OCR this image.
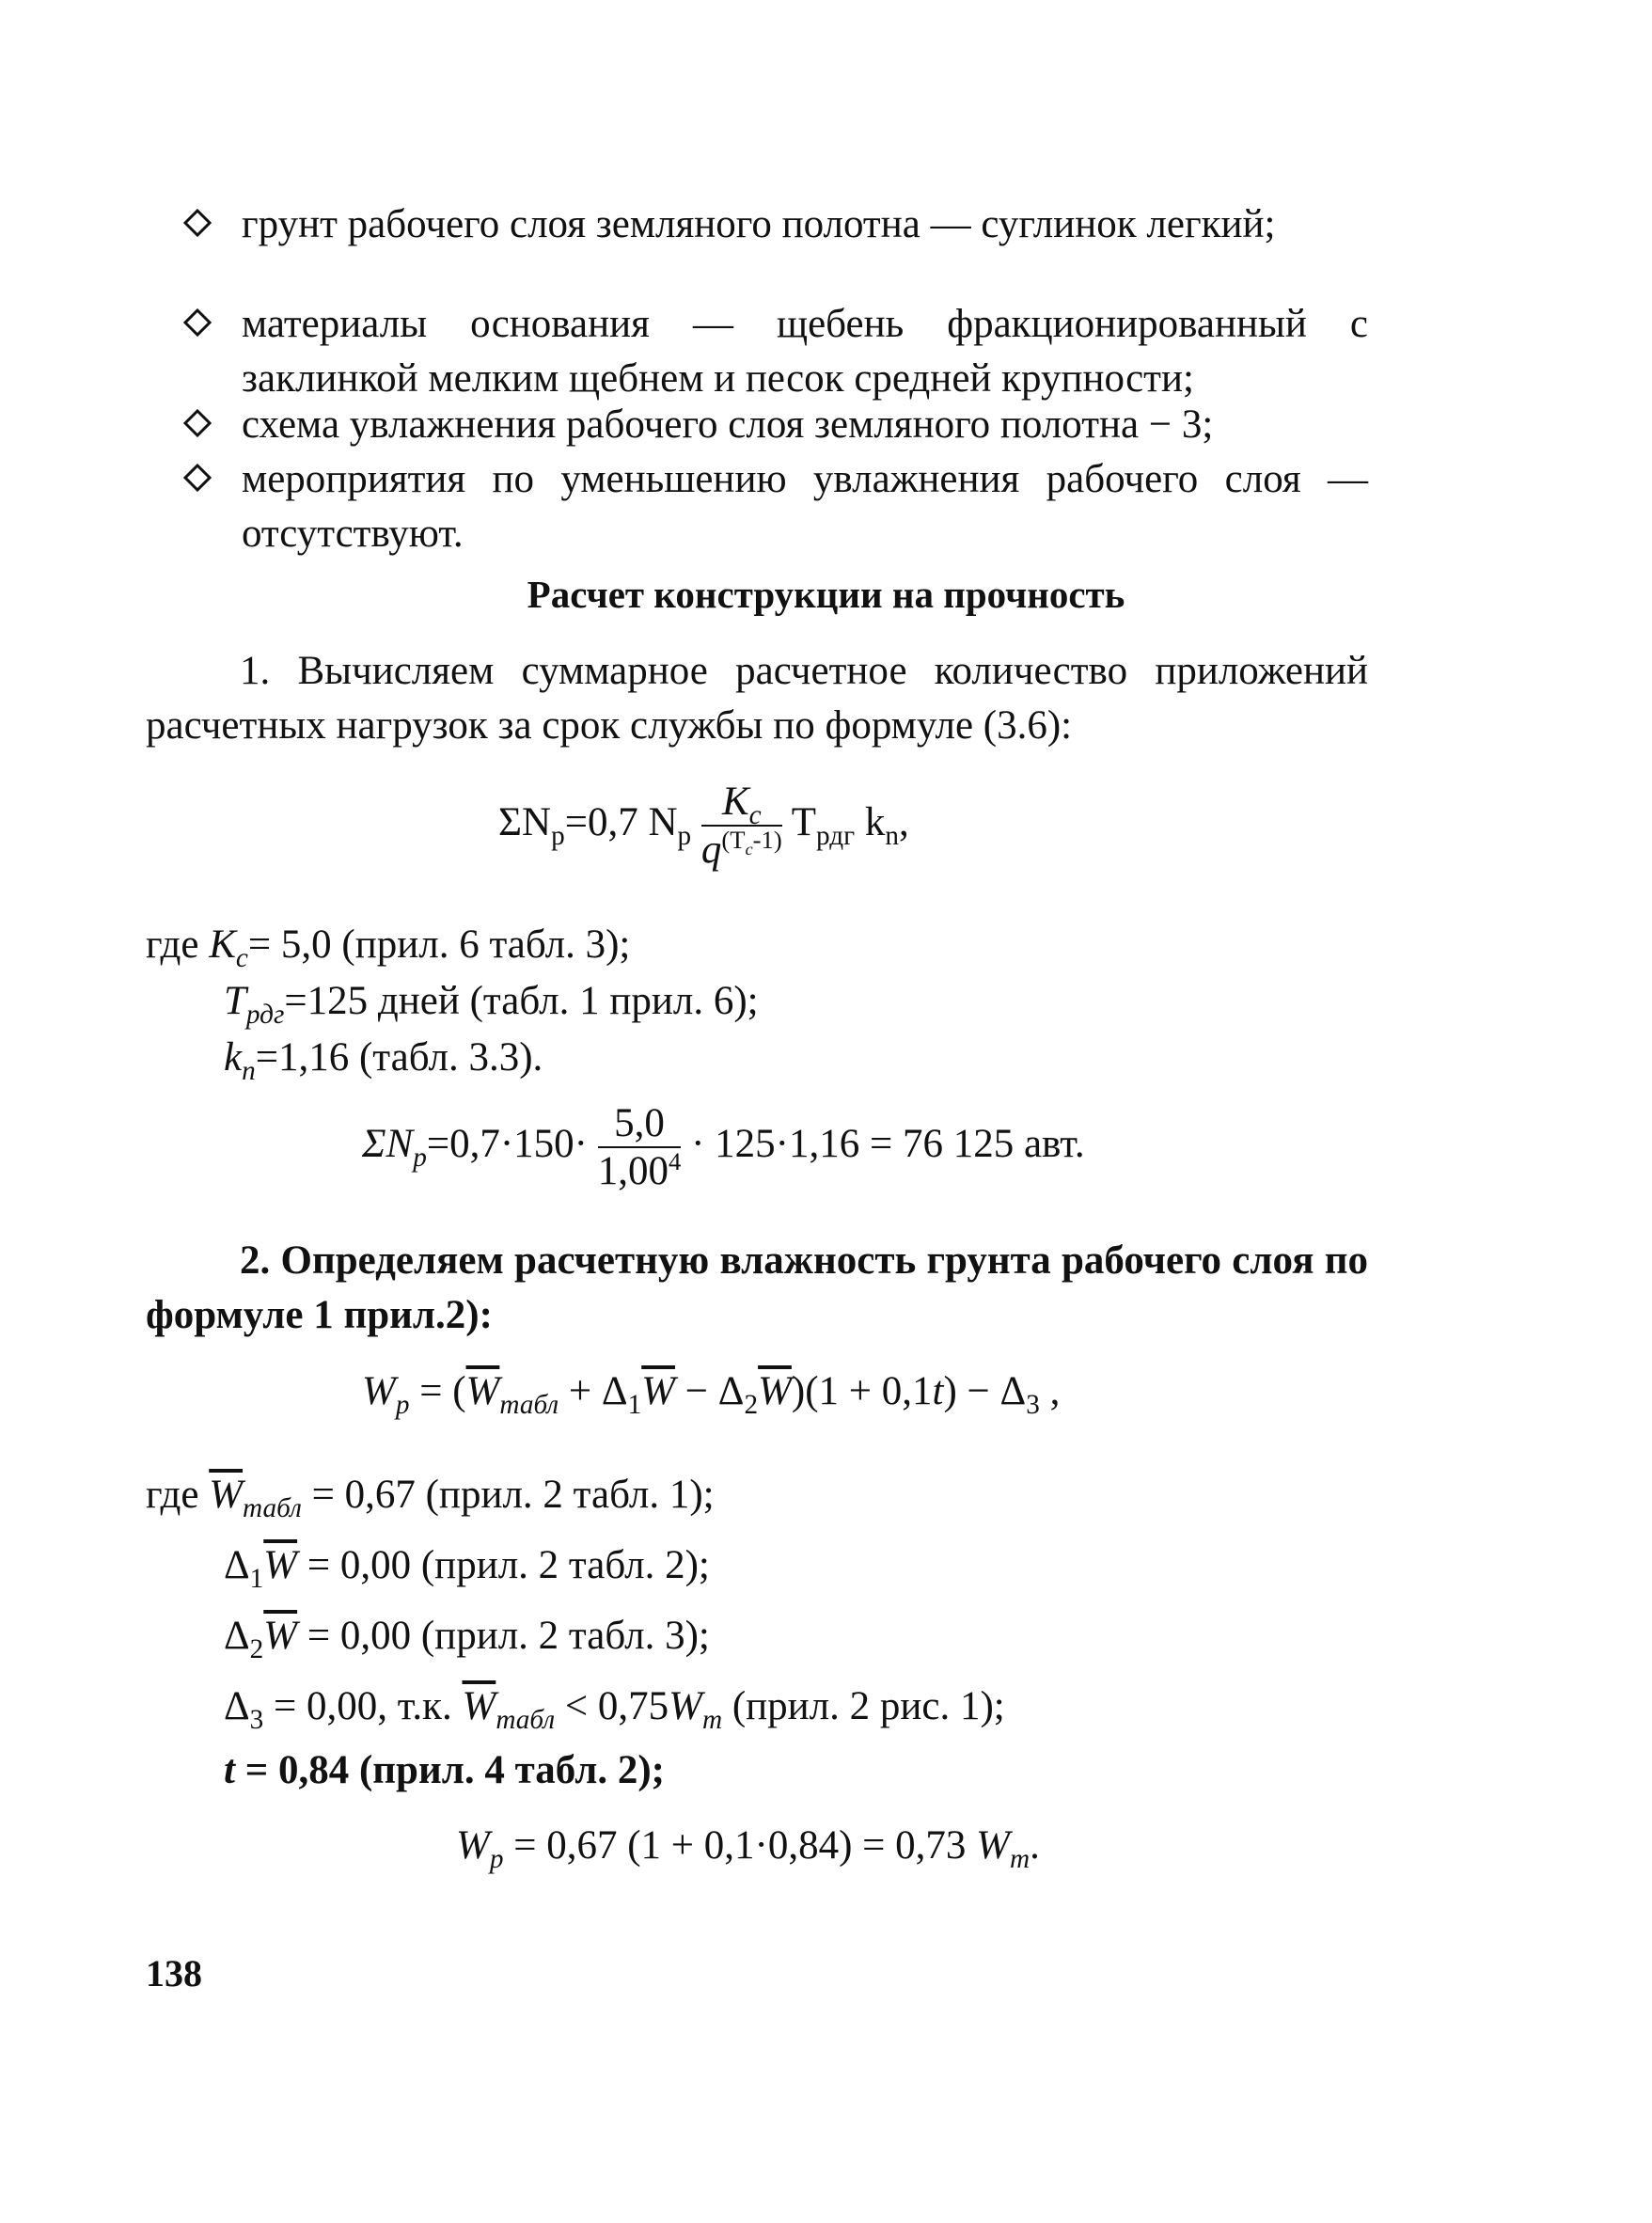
грунт рабочего слоя земляного полотна — суглинок легкий;
материалы основания — щебень фракционированный с заклинкой мелким щебнем и песок средней крупности;
схема увлажнения рабочего слоя земляного полотна − 3;
мероприятия по уменьшению увлажнения рабочего слоя — отсутствуют.
Расчет конструкции на прочность
1. Вычисляем суммарное расчетное количество приложений расчетных нагрузок за срок службы по формуле (3.6):
$\Sigma N_p=0,7$ $N_p \frac{K_c}{q^{(T_c-1)}} T_{рдг}$ $k_n$,
где $K_c= 5,0$ (прил. 6 табл. 3);
$T_{рдг}=125$ дней (табл. 1 прил. 6);
$k_n=1,16$ (табл. 3.3).
$\Sigma N_p=0,7\cdot 150\cdot \frac{5,0}{1,00^4} \cdot 125\cdot 1,16 = 76$ 125 авт.
2. Определяем расчетную влажность грунта рабочего слоя по формуле 1 прил.2):
$W_p = (\overline{W}_{табл} + \Delta_1\overline{W} - \Delta_2\overline{W})(1 + 0,1t) - \Delta_3$ ,
где $\overline{W}_{табл} = 0,67$ (прил. 2 табл. 1);
$\Delta_1\overline{W} = 0,00$ (прил. 2 табл. 2);
$\Delta_2\overline{W} = 0,00$ (прил. 2 табл. 3);
$\Delta_3 = 0,00$, т.к. $\overline{W}_{табл} < 0,75W_т$ (прил. 2 рис. 1);
t = 0,84 (прил. 4 табл. 2);
$W_p = 0,67$ (1 + 0,1·0,84) = 0,73 $W_m$.
138
